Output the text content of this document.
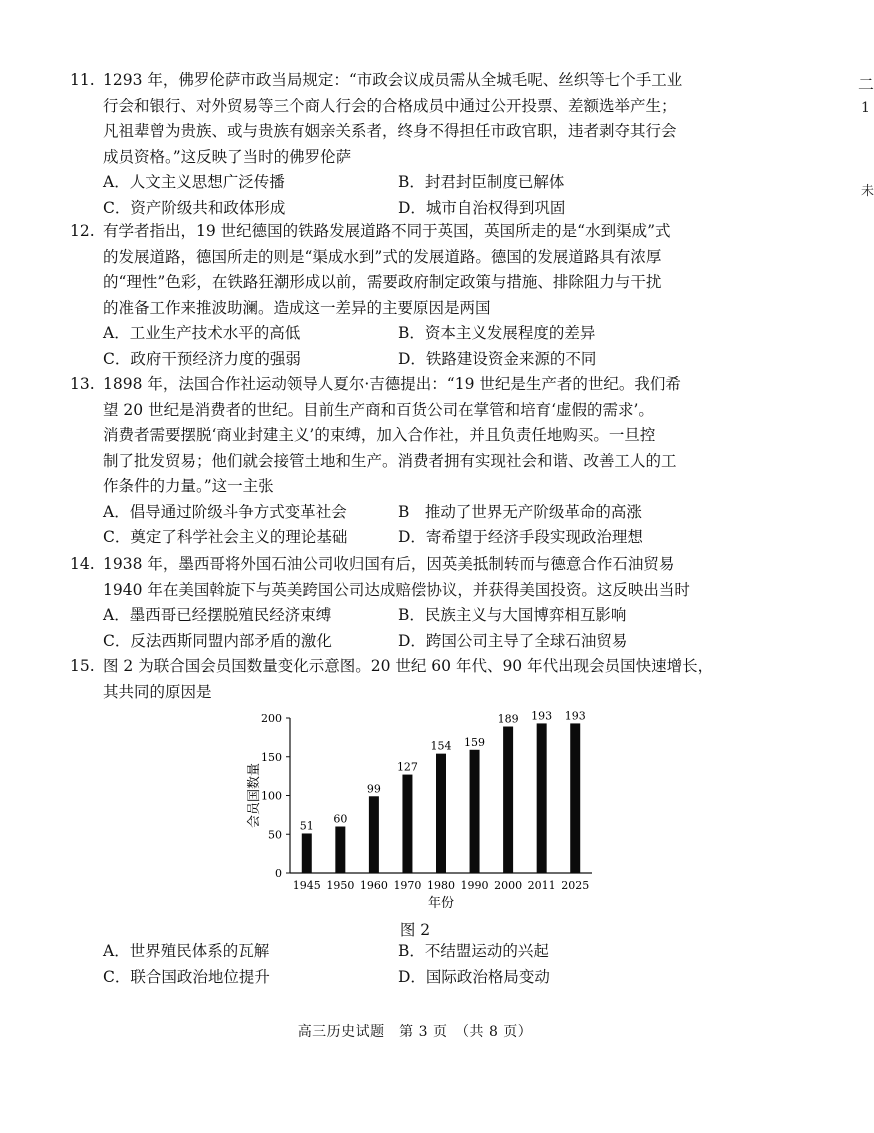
11. 1293 年，佛罗伦萨市政当局规定：“市政会议成员需从全城毛呢、丝织等七个手工业
行会和银行、对外贸易等三个商人行会的合格成员中通过公开投票、差额选举产生；
凡祖辈曾为贵族、或与贵族有姻亲关系者，终身不得担任市政官职，违者剥夺其行会
成员资格。”这反映了当时的佛罗伦萨
A．人文主义思想广泛传播	B．封君封臣制度已解体
C．资产阶级共和政体形成	D．城市自治权得到巩固
12. 有学者指出，19 世纪德国的铁路发展道路不同于英国，英国所走的是“水到渠成”式
的发展道路，德国所走的则是“渠成水到”式的发展道路。德国的发展道路具有浓厚
的“理性”色彩，在铁路狂潮形成以前，需要政府制定政策与措施、排除阻力与干扰
的准备工作来推波助澜。造成这一差异的主要原因是两国
A．工业生产技术水平的高低	B．资本主义发展程度的差异
C．政府干预经济力度的强弱	D．铁路建设资金来源的不同
13. 1898 年，法国合作社运动领导人夏尔·吉德提出：“19 世纪是生产者的世纪。我们希
望 20 世纪是消费者的世纪。目前生产商和百货公司在掌管和培育‘虚假的需求’。
消费者需要摆脱‘商业封建主义’的束缚，加入合作社，并且负责任地购买。一旦控
制了批发贸易；他们就会接管土地和生产。消费者拥有实现社会和谐、改善工人的工
作条件的力量。”这一主张
A．倡导通过阶级斗争方式变革社会	B　推动了世界无产阶级革命的高涨
C．奠定了科学社会主义的理论基础	D．寄希望于经济手段实现政治理想
14. 1938 年，墨西哥将外国石油公司收归国有后，因英美抵制转而与德意合作石油贸易
1940 年在美国斡旋下与英美跨国公司达成赔偿协议，并获得美国投资。这反映出当时
A．墨西哥已经摆脱殖民经济束缚	B．民族主义与大国博弈相互影响
C．反法西斯同盟内部矛盾的激化	D．跨国公司主导了全球石油贸易
15. 图 2 为联合国会员国数量变化示意图。20 世纪 60 年代、90 年代出现会员国快速增长，
其共同的原因是
0
50
100
150
200
51
1945
60
1950
99
1960
127
1970
154
1980
159
1990
189
2000
193
2011
193
2025
年份
会员国数量
图 2
A．世界殖民体系的瓦解	B．不结盟运动的兴起
C．联合国政治地位提升	D．国际政治格局变动
高三历史试题　第 3 页　（共 8 页）
二
1
未
